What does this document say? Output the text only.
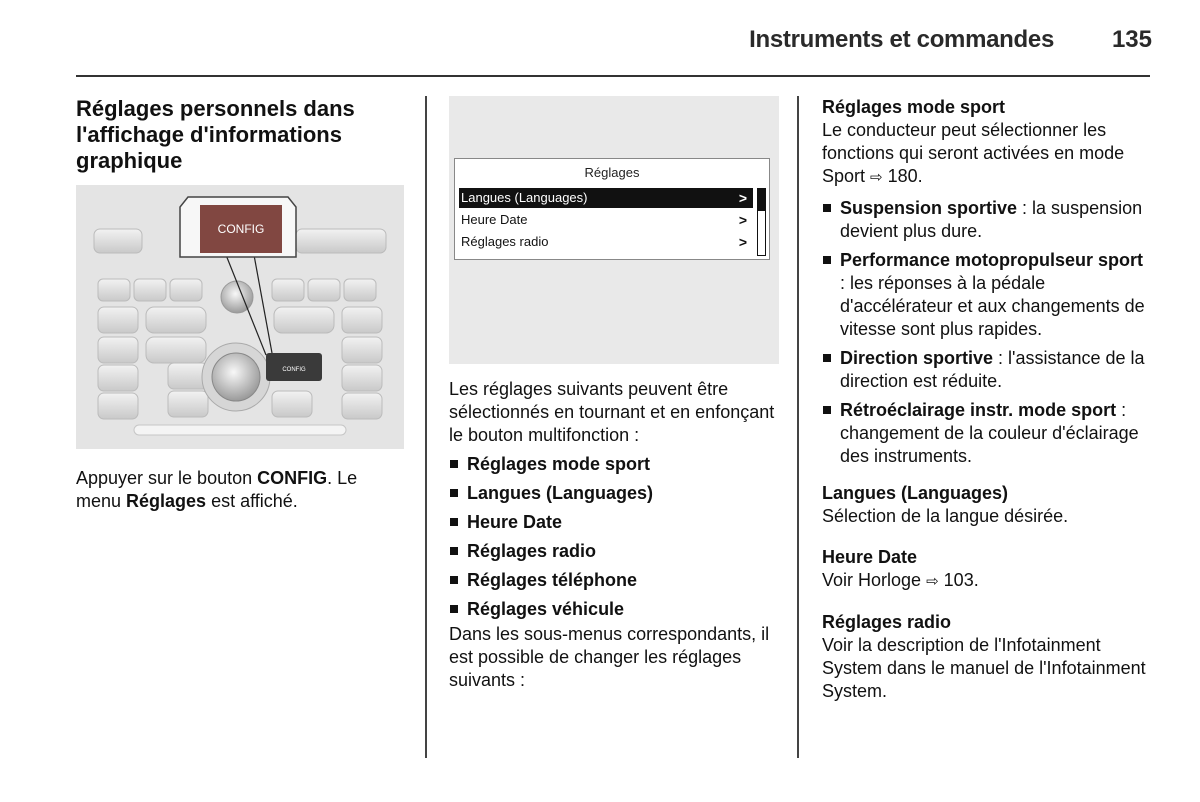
Instruments et commandes 135

Réglages personnels dans l'affichage d'informations graphique

CONFIG
CONFIG

Appuyer sur le bouton CONFIG. Le menu Réglages est affiché.

Réglages
Langues (Languages)	>
Heure Date	>
Réglages radio	>

Les réglages suivants peuvent être sélectionnés en tournant et en enfonçant le bouton multifonction :

Réglages mode sport
Langues (Languages)
Heure Date
Réglages radio
Réglages téléphone
Réglages véhicule

Dans les sous-menus correspondants, il est possible de changer les réglages suivants :

Réglages mode sport

Le conducteur peut sélectionner les fonctions qui seront activées en mode Sport ⇨ 180.

Suspension sportive : la suspension devient plus dure.
Performance motopropulseur sport : les réponses à la pédale d'accélérateur et aux changements de vitesse sont plus rapides.
Direction sportive : l'assistance de la direction est réduite.
Rétroéclairage instr. mode sport : changement de la couleur d'éclairage des instruments.

Langues (Languages)

Sélection de la langue désirée.

Heure Date

Voir Horloge ⇨ 103.

Réglages radio

Voir la description de l'Infotainment System dans le manuel de l'Infotainment System.
